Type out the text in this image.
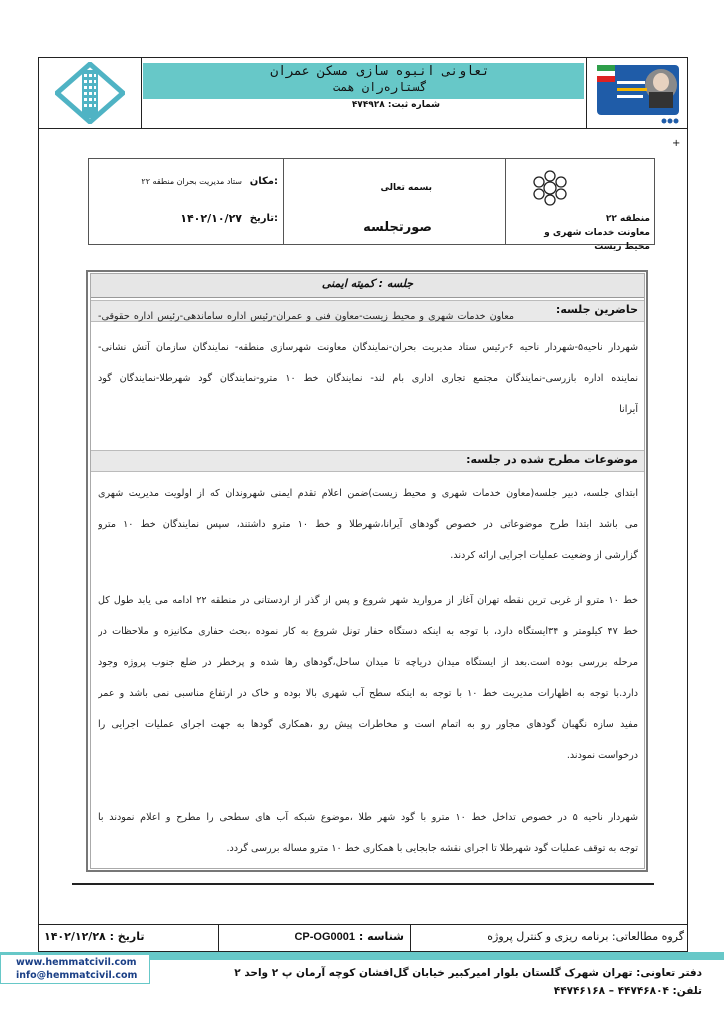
تعاونی انبوه سازی مسکن عمران
گستاره‌ران همت
شماره ثبت: ۴۷۴۹۲۸
+
منطقه ۲۲
معاونت خدمات شهری و محیط زیست
بسمه تعالی
صورتجلسه
مکان:
ستاد مدیریت بحران منطقه ۲۲
تاریخ:
۱۴۰۲/۱۰/۲۷
جلسه : کمیته ایمنی
حاضرین جلسه:
معاون خدمات شهری و محیط زیست-معاون فنی و عمران-رئیس اداره ساماندهی-رئیس اداره حقوقی-
شهردار ناحیه۵-شهردار ناحیه ۶-رئیس ستاد مدیریت بحران-نمایندگان معاونت شهرسازی منطقه- نمایندگان سازمان آتش نشانی-
نماینده اداره بازرسی-نمایندگان مجتمع تجاری اداری بام لند- نمایندگان خط ۱۰ مترو-نمایندگان گود شهرطلا-نمایندگان گود
آیرانا
موضوعات مطرح شده در جلسه:
ابتدای جلسه، دبیر جلسه(معاون خدمات شهری و محیط زیست)ضمن اعلام تقدم ایمنی شهروندان که از اولویت مدیریت شهری
می باشد ابتدا طرح موضوعاتی در خصوص گودهای آیرانا،شهرطلا و خط ۱۰ مترو داشتند، سپس نمایندگان خط ۱۰ مترو
گزارشی از وضعیت عملیات اجرایی ارائه کردند.
خط ۱۰ مترو از غربی ترین نقطه تهران آغاز از مروارید شهر شروع و پس از گذر از اردستانی در منطقه ۲۲ ادامه می یابد طول کل
خط ۴۷ کیلومتر و ۳۴ایستگاه دارد، با توجه به اینکه دستگاه حفار تونل شروع به کار نموده ،بحث حفاری مکانیزه و ملاحظات در
مرحله بررسی بوده است.بعد از ایستگاه میدان دریاچه تا میدان ساحل،گودهای رها شده و پرخطر در ضلع جنوب پروژه وجود
دارد.با توجه به اظهارات مدیریت خط ۱۰ با توجه به اینکه سطح آب شهری بالا بوده و خاک در ارتفاع مناسبی نمی باشد و عمر
مفید سازه نگهبان گودهای مجاور رو به اتمام است و مخاطرات پیش رو ،همکاری گودها به جهت اجرای عملیات اجرایی را
درخواست نمودند.
شهردار ناحیه ۵ در خصوص تداخل خط ۱۰ مترو با گود شهر طلا ،موضوع شبکه آب های سطحی را مطرح و اعلام نمودند با
توجه به توقف عملیات گود شهرطلا تا اجرای نقشه جابجایی با همکاری خط ۱۰ مترو مساله بررسی گردد.
گروه مطالعاتی: برنامه ریزی و کنترل پروژه
شناسه : CP-OG0001
تاریخ : ۱۴۰۲/۱۲/۲۸
www.hemmatcivil.com
info@hemmatcivil.com	دفتر تعاونی: تهران شهرک گلستان بلوار امیرکبیر خیابان گل‌افشان کوچه آرمان پ ۲ واحد ۲
تلفن: ۴۴۷۴۶۸۰۴ – ۴۴۷۴۶۱۶۸
